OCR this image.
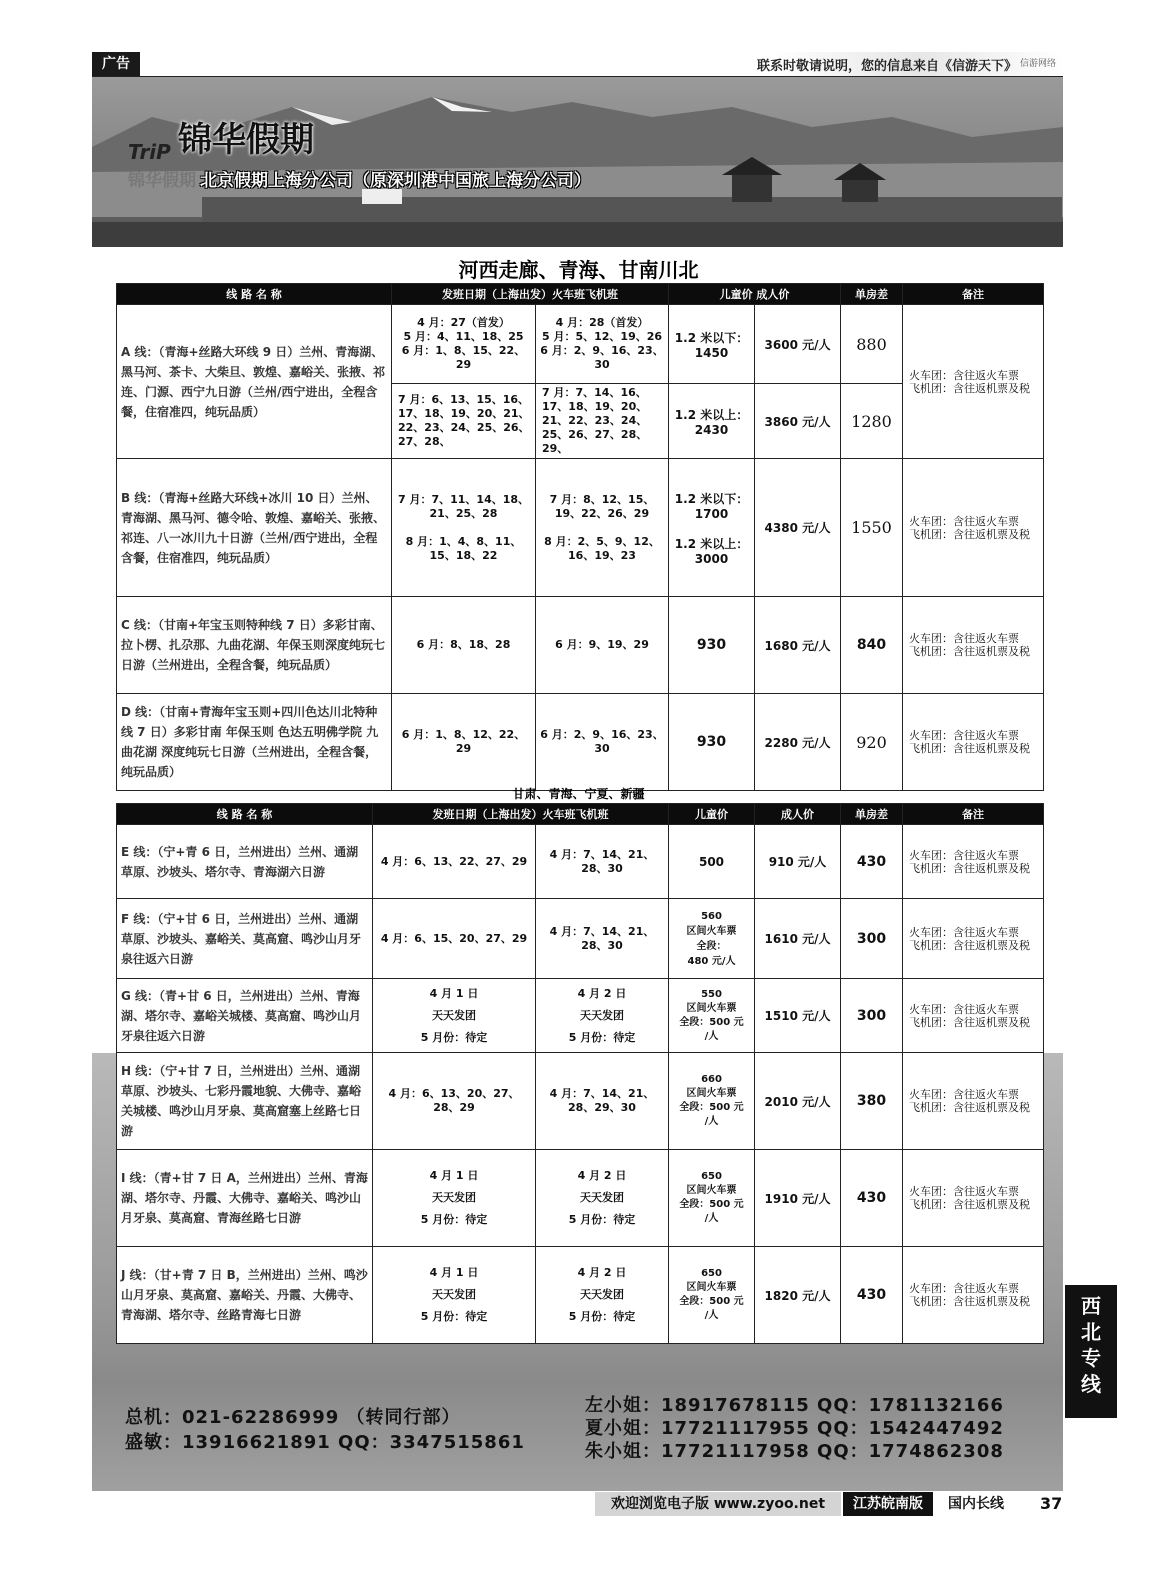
广告	联系时敬请说明，您的信息来自《信游天下》 信游网络
TriP 锦华假期
锦华假期 北京假期上海分公司（原深圳港中国旅上海分公司）
河西走廊、青海、甘南川北
线 路 名 称	发班日期（上海出发）火车班飞机班		儿童价 成人价		单房差	备注
A 线：（青海+丝路大环线 9 日）兰州、青海湖、黑马河、茶卡、大柴旦、敦煌、嘉峪关、张掖、祁连、门源、西宁九日游（兰州/西宁进出，全程含餐，住宿准四，纯玩品质）	4 月：27（首发）
5 月：4、11、18、25
6 月：1、8、15、22、29	4 月：28（首发）
5 月：5、12、19、26
6 月：2、9、16、23、30	1.2 米以下：1450	3600 元/人	880	火车团：含往返火车票
飞机团：含往返机票及税
	7 月：6、13、15、16、17、18、19、20、21、22、23、24、25、26、27、28、	7 月：7、14、16、17、18、19、20、21、22、23、24、25、26、27、28、29、	1.2 米以上：2430	3860 元/人	1280	
B 线：（青海+丝路大环线+冰川 10 日）兰州、青海湖、黑马河、德令哈、敦煌、嘉峪关、张掖、祁连、八一冰川九十日游（兰州/西宁进出，全程含餐，住宿准四，纯玩品质）	7 月：7、11、14、18、21、25、28

8 月：1、4、8、11、15、18、22	7 月：8、12、15、19、22、26、29

8 月：2、5、9、12、16、19、23	1.2 米以下：1700

1.2 米以上：3000	4380 元/人	1550	火车团：含往返火车票
飞机团：含往返机票及税
C 线：（甘南+年宝玉则特种线 7 日）多彩甘南、拉卜楞、扎尕那、九曲花湖、年保玉则深度纯玩七日游（兰州进出，全程含餐，纯玩品质）	6 月：8、18、28	6 月：9、19、29	930	1680 元/人	840	火车团：含往返火车票
飞机团：含往返机票及税
D 线：（甘南+青海年宝玉则+四川色达川北特种线 7 日）多彩甘南 年保玉则 色达五明佛学院 九曲花湖 深度纯玩七日游（兰州进出，全程含餐，纯玩品质）	6 月：1、8、12、22、29	6 月：2、9、16、23、30	930	2280 元/人	920	火车团：含往返火车票
飞机团：含往返机票及税
甘肃、青海、宁夏、新疆
线 路 名 称	发班日期（上海出发）火车班飞机班		儿童价	成人价	单房差	备注
E 线：（宁+青 6 日，兰州进出）兰州、通湖草原、沙坡头、塔尔寺、青海湖六日游	4 月：6、13、22、27、29	4 月：7、14、21、28、30	500	910 元/人	430	火车团：含往返火车票
飞机团：含往返机票及税
F 线：（宁+甘 6 日，兰州进出）兰州、通湖草原、沙坡头、嘉峪关、莫高窟、鸣沙山月牙泉往返六日游	4 月：6、15、20、27、29	4 月：7、14、21、28、30	560
区间火车票
全段：
480 元/人	1610 元/人	300	火车团：含往返火车票
飞机团：含往返机票及税
G 线：（青+甘 6 日，兰州进出）兰州、青海湖、塔尔寺、嘉峪关城楼、莫高窟、鸣沙山月牙泉往返六日游	4 月 1 日
天天发团
5 月份：待定	4 月 2 日
天天发团
5 月份：待定	550
区间火车票
全段：500 元
/人	1510 元/人	300	火车团：含往返火车票
飞机团：含往返机票及税
H 线：（宁+甘 7 日，兰州进出）兰州、通湖草原、沙坡头、七彩丹霞地貌、大佛寺、嘉峪关城楼、鸣沙山月牙泉、莫高窟塞上丝路七日游	4 月：6、13、20、27、28、29	4 月：7、14、21、28、29、30	660
区间火车票
全段：500 元
/人	2010 元/人	380	火车团：含往返火车票
飞机团：含往返机票及税
I 线：（青+甘 7 日 A，兰州进出）兰州、青海湖、塔尔寺、丹霞、大佛寺、嘉峪关、鸣沙山月牙泉、莫高窟、青海丝路七日游	4 月 1 日
天天发团
5 月份：待定	4 月 2 日
天天发团
5 月份：待定	650
区间火车票
全段：500 元
/人	1910 元/人	430	火车团：含往返火车票
飞机团：含往返机票及税
J 线：（甘+青 7 日 B，兰州进出）兰州、鸣沙山月牙泉、莫高窟、嘉峪关、丹霞、大佛寺、青海湖、塔尔寺、丝路青海七日游	4 月 1 日
天天发团
5 月份：待定	4 月 2 日
天天发团
5 月份：待定	650
区间火车票
全段：500 元
/人	1820 元/人	430	火车团：含往返火车票
飞机团：含往返机票及税
总机：021-62286999 （转同行部）
盛敏：13916621891 QQ：3347515861
左小姐：18917678115 QQ：1781132166
夏小姐：17721117955 QQ：1542447492
朱小姐：17721117958 QQ：1774862308
西北专线
欢迎浏览电子版 www.zyoo.net	江苏皖南版	国内长线	37
